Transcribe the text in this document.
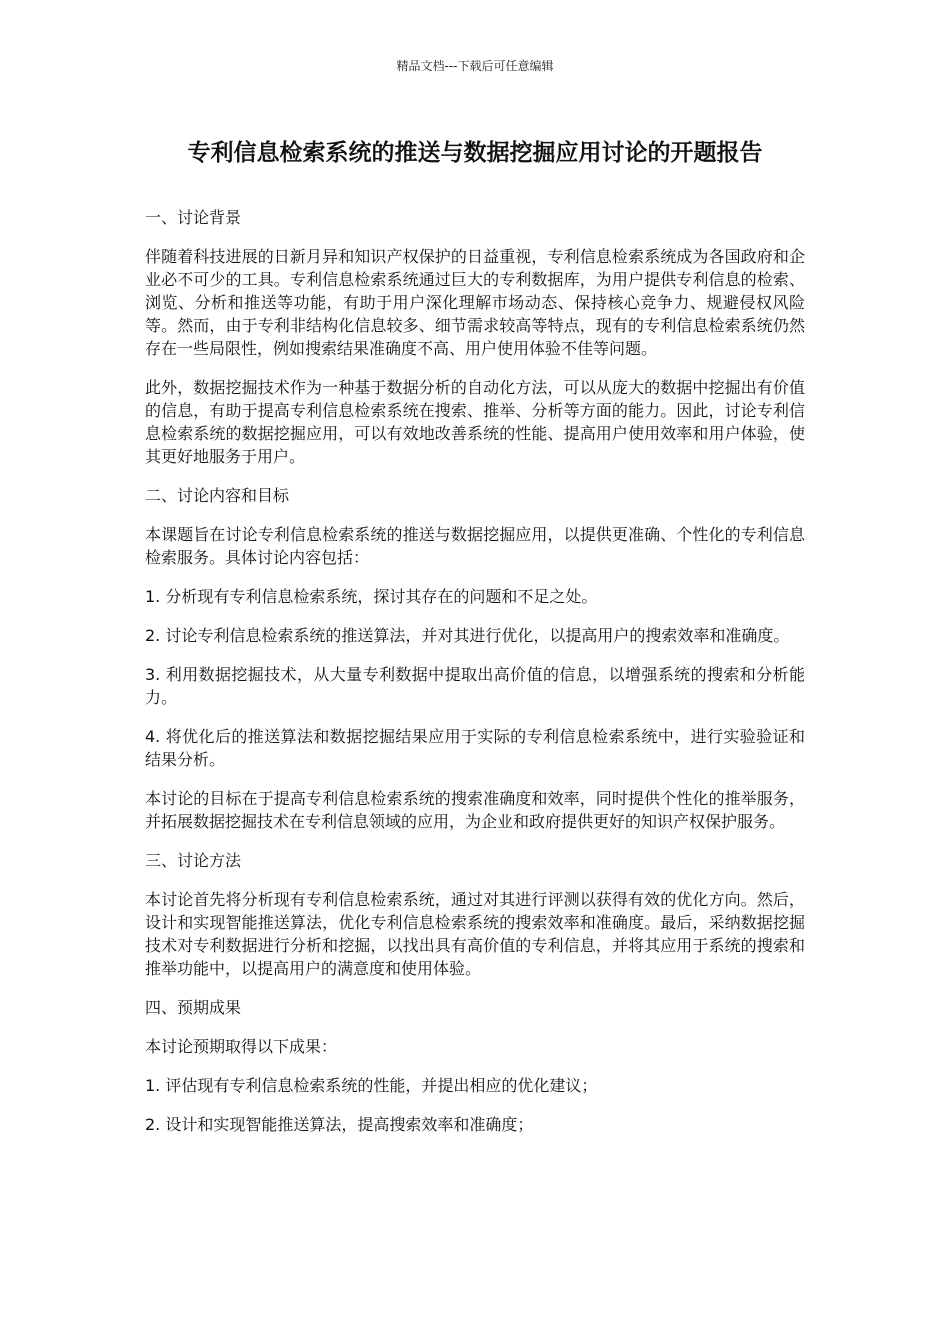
精品文档---下载后可任意编辑
专利信息检索系统的推送与数据挖掘应用讨论的开题报告

一、讨论背景

伴随着科技进展的日新月异和知识产权保护的日益重视，专利信息检索系统成为各国政府和企业必不可少的工具。专利信息检索系统通过巨大的专利数据库，为用户提供专利信息的检索、浏览、分析和推送等功能，有助于用户深化理解市场动态、保持核心竞争力、规避侵权风险等。然而，由于专利非结构化信息较多、细节需求较高等特点，现有的专利信息检索系统仍然存在一些局限性，例如搜索结果准确度不高、用户使用体验不佳等问题。

此外，数据挖掘技术作为一种基于数据分析的自动化方法，可以从庞大的数据中挖掘出有价值的信息，有助于提高专利信息检索系统在搜索、推举、分析等方面的能力。因此，讨论专利信息检索系统的数据挖掘应用，可以有效地改善系统的性能、提高用户使用效率和用户体验，使其更好地服务于用户。

二、讨论内容和目标

本课题旨在讨论专利信息检索系统的推送与数据挖掘应用，以提供更准确、个性化的专利信息检索服务。具体讨论内容包括：

1. 分析现有专利信息检索系统，探讨其存在的问题和不足之处。

2. 讨论专利信息检索系统的推送算法，并对其进行优化，以提高用户的搜索效率和准确度。

3. 利用数据挖掘技术，从大量专利数据中提取出高价值的信息，以增强系统的搜索和分析能力。

4. 将优化后的推送算法和数据挖掘结果应用于实际的专利信息检索系统中，进行实验验证和结果分析。

本讨论的目标在于提高专利信息检索系统的搜索准确度和效率，同时提供个性化的推举服务，并拓展数据挖掘技术在专利信息领域的应用，为企业和政府提供更好的知识产权保护服务。

三、讨论方法

本讨论首先将分析现有专利信息检索系统，通过对其进行评测以获得有效的优化方向。然后，设计和实现智能推送算法，优化专利信息检索系统的搜索效率和准确度。最后，采纳数据挖掘技术对专利数据进行分析和挖掘，以找出具有高价值的专利信息，并将其应用于系统的搜索和推举功能中，以提高用户的满意度和使用体验。

四、预期成果

本讨论预期取得以下成果：

1. 评估现有专利信息检索系统的性能，并提出相应的优化建议；

2. 设计和实现智能推送算法，提高搜索效率和准确度；
